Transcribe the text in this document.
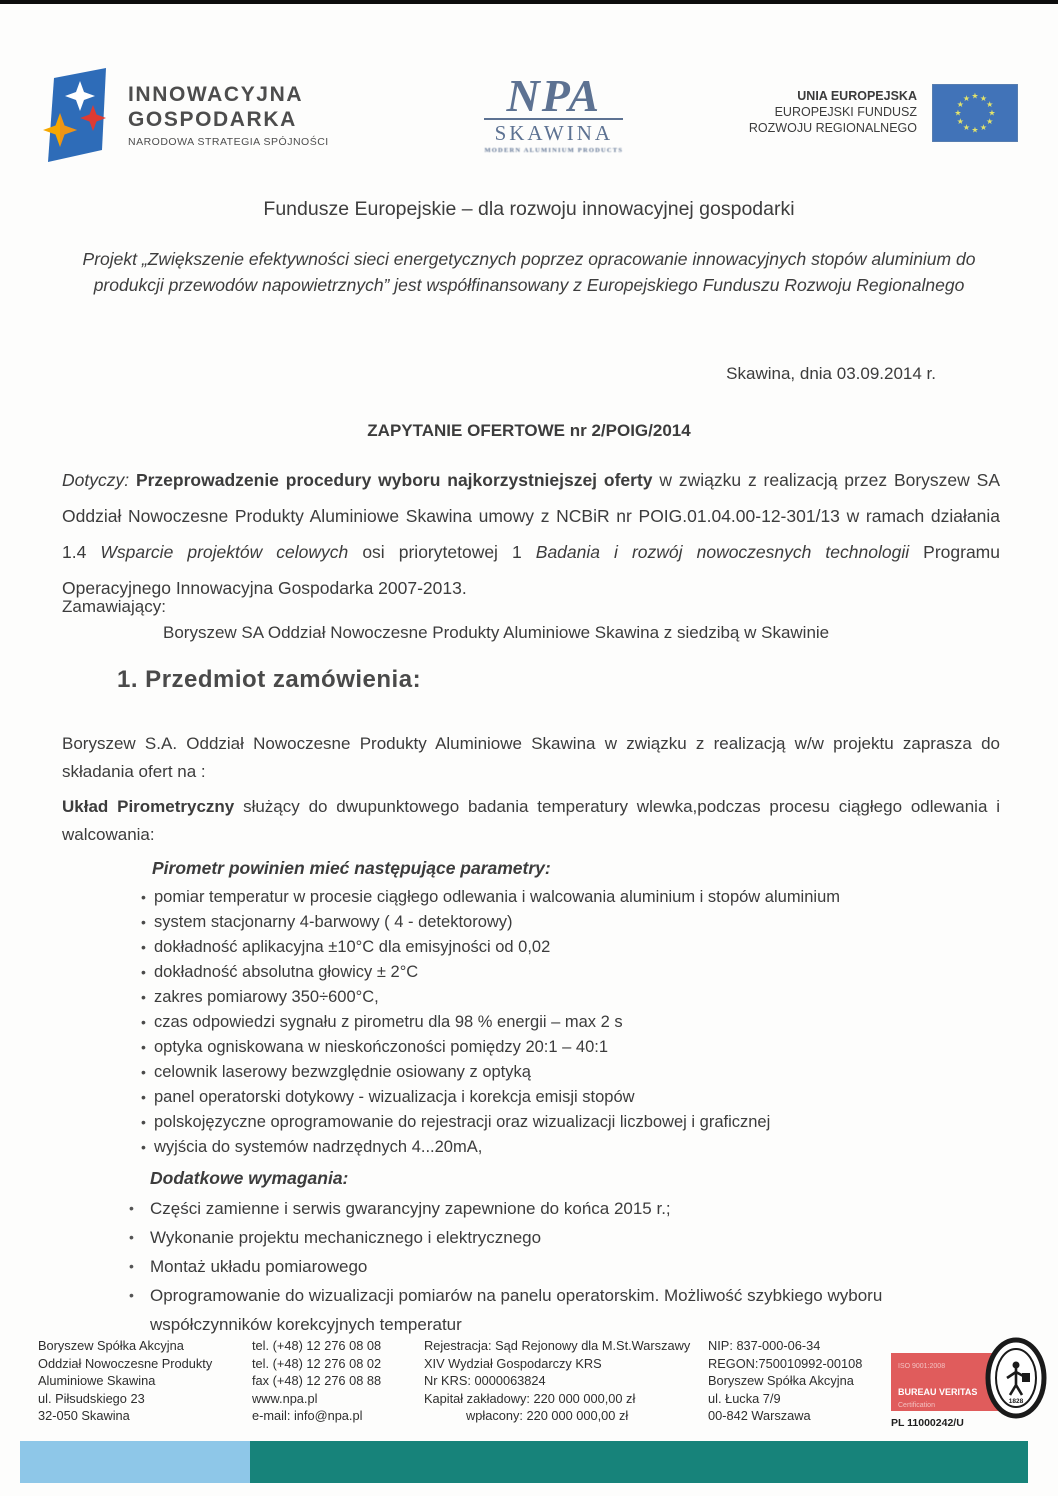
INNOWACYJNA
GOSPODARKA
NARODOWA STRATEGIA SPÓJNOŚCI
NPA
SKAWINA
MODERN ALUMINIUM PRODUCTS
UNIA EUROPEJSKA
EUROPEJSKI FUNDUSZ
ROZWOJU REGIONALNEGO
★ ★
★
★
★
★
★
★
★
★
★
★
Fundusze Europejskie – dla rozwoju innowacyjnej gospodarki
Projekt „Zwiększenie efektywności sieci energetycznych poprzez opracowanie innowacyjnych stopów aluminium do produkcji przewodów napowietrznych” jest współfinansowany z Europejskiego Funduszu Rozwoju Regionalnego
Skawina, dnia 03.09.2014 r.
ZAPYTANIE OFERTOWE nr 2/POIG/2014
Dotyczy: Przeprowadzenie procedury wyboru najkorzystniejszej oferty w związku z realizacją przez Boryszew SA Oddział Nowoczesne Produkty Aluminiowe Skawina umowy z NCBiR nr POIG.01.04.00-12-301/13 w ramach działania 1.4 Wsparcie projektów celowych osi priorytetowej 1 Badania i rozwój nowoczesnych technologii Programu Operacyjnego Innowacyjna Gospodarka 2007-2013.
Zamawiający:
Boryszew SA Oddział Nowoczesne Produkty Aluminiowe Skawina z siedzibą w Skawinie
1. Przedmiot zamówienia:
Boryszew S.A. Oddział Nowoczesne Produkty Aluminiowe Skawina w związku z realizacją w/w projektu zaprasza do składania ofert na :
Układ Pirometryczny służący do dwupunktowego badania temperatury wlewka,podczas procesu ciągłego odlewania i walcowania:
Pirometr powinien mieć następujące parametry:
• pomiar temperatur w procesie ciągłego odlewania i walcowania aluminium i stopów aluminium
• system stacjonarny 4-barwowy ( 4 - detektorowy)
• dokładność aplikacyjna ±10°C dla emisyjności od 0,02
• dokładność absolutna głowicy ± 2°C
• zakres pomiarowy 350÷600°C,
• czas odpowiedzi sygnału z pirometru dla 98 % energii – max 2 s
• optyka ogniskowana w nieskończoności pomiędzy 20:1 – 40:1
• celownik laserowy bezwzględnie osiowany z optyką
• panel operatorski dotykowy - wizualizacja i korekcja emisji stopów
• polskojęzyczne oprogramowanie do rejestracji oraz wizualizacji liczbowej i graficznej
• wyjścia do systemów nadrzędnych 4...20mA,
Dodatkowe wymagania:
• Części zamienne i serwis gwarancyjny zapewnione do końca 2015 r.;
• Wykonanie projektu mechanicznego i elektrycznego
• Montaż układu pomiarowego
• Oprogramowanie do wizualizacji pomiarów na panelu operatorskim. Możliwość szybkiego wyboru współczynników korekcyjnych temperatur
Boryszew Spółka Akcyjna
Oddział Nowoczesne Produkty
Aluminiowe Skawina
ul. Piłsudskiego 23
32-050 Skawina
tel. (+48) 12 276 08 08
tel. (+48) 12 276 08 02
fax (+48) 12 276 08 88
www.npa.pl
e-mail: info@npa.pl
Rejestracja: Sąd Rejonowy dla M.St.Warszawy
XIV Wydział Gospodarczy KRS
Nr KRS: 0000063824
Kapitał zakładowy: 220 000 000,00 zł
wpłacony: 220 000 000,00 zł
NIP: 837-000-06-34
REGON:750010992-00108
Boryszew Spółka Akcyjna
ul. Łucka 7/9
00-842 Warszawa
ISO 9001:2008
BUREAU VERITAS
Certification
PL 11000242/U
1828
